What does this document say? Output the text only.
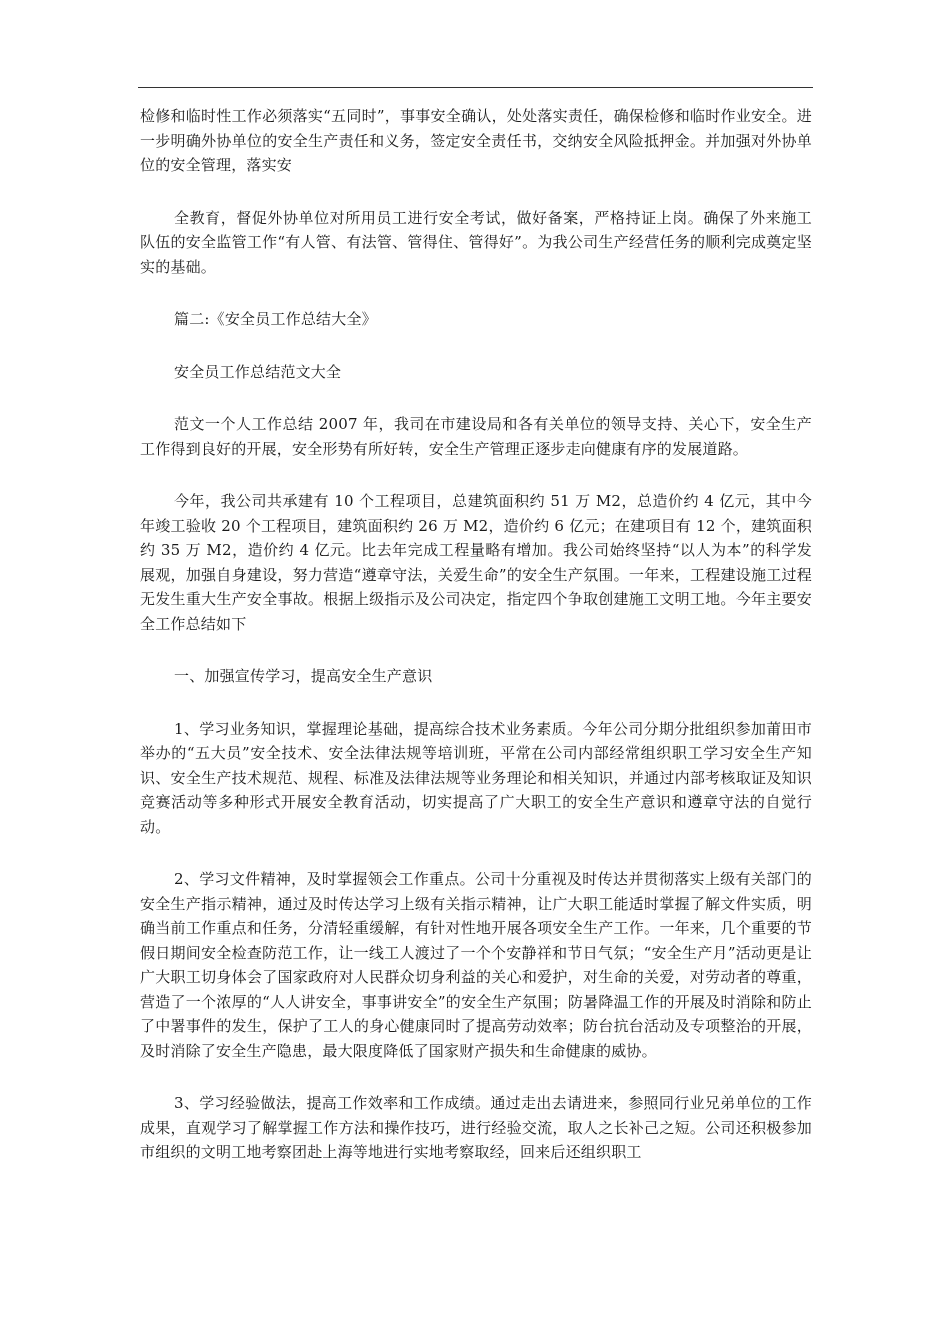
检修和临时性工作必须落实“五同时”，事事安全确认，处处落实责任，确保检修和临时作业安全。进一步明确外协单位的安全生产责任和义务，签定安全责任书，交纳安全风险抵押金。并加强对外协单位的安全管理，落实安

全教育，督促外协单位对所用员工进行安全考试，做好备案，严格持证上岗。确保了外来施工队伍的安全监管工作“有人管、有法管、管得住、管得好”。为我公司生产经营任务的顺利完成奠定坚实的基础。

篇二:《安全员工作总结大全》

安全员工作总结范文大全

范文一个人工作总结 2007 年，我司在市建设局和各有关单位的领导支持、关心下，安全生产工作得到良好的开展，安全形势有所好转，安全生产管理正逐步走向健康有序的发展道路。

今年，我公司共承建有 10 个工程项目，总建筑面积约 51 万 M2，总造价约 4 亿元，其中今年竣工验收 20 个工程项目，建筑面积约 26 万 M2，造价约 6 亿元；在建项目有 12 个，建筑面积约 35 万 M2，造价约 4 亿元。比去年完成工程量略有增加。我公司始终坚持“以人为本”的科学发展观，加强自身建设，努力营造“遵章守法，关爱生命”的安全生产氛围。一年来，工程建设施工过程无发生重大生产安全事故。根据上级指示及公司决定，指定四个争取创建施工文明工地。今年主要安全工作总结如下

一、加强宣传学习，提高安全生产意识

1、学习业务知识，掌握理论基础，提高综合技术业务素质。今年公司分期分批组织参加莆田市举办的“五大员”安全技术、安全法律法规等培训班，平常在公司内部经常组织职工学习安全生产知识、安全生产技术规范、规程、标准及法律法规等业务理论和相关知识，并通过内部考核取证及知识竞赛活动等多种形式开展安全教育活动，切实提高了广大职工的安全生产意识和遵章守法的自觉行动。

2、学习文件精神，及时掌握领会工作重点。公司十分重视及时传达并贯彻落实上级有关部门的安全生产指示精神，通过及时传达学习上级有关指示精神，让广大职工能适时掌握了解文件实质，明确当前工作重点和任务，分清轻重缓解，有针对性地开展各项安全生产工作。一年来，几个重要的节假日期间安全检查防范工作，让一线工人渡过了一个个安静祥和节日气氛；“安全生产月”活动更是让广大职工切身体会了国家政府对人民群众切身利益的关心和爱护，对生命的关爱，对劳动者的尊重，营造了一个浓厚的“人人讲安全，事事讲安全”的安全生产氛围；防暑降温工作的开展及时消除和防止了中署事件的发生，保护了工人的身心健康同时了提高劳动效率；防台抗台活动及专项整治的开展，及时消除了安全生产隐患，最大限度降低了国家财产损失和生命健康的威协。

3、学习经验做法，提高工作效率和工作成绩。通过走出去请进来，参照同行业兄弟单位的工作成果，直观学习了解掌握工作方法和操作技巧，进行经验交流，取人之长补己之短。公司还积极参加市组织的文明工地考察团赴上海等地进行实地考察取经，回来后还组织职工
